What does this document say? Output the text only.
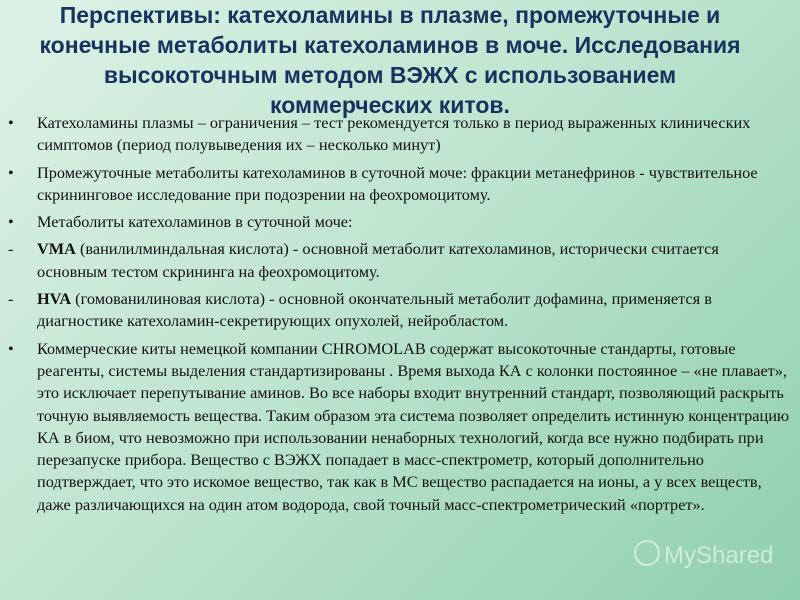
Перспективы: катехоламины в плазме, промежуточные и конечные метаболиты катехоламинов в моче. Исследования высокоточным методом ВЭЖХ с использованием коммерческих китов.
• Катехоламины плазмы – ограничения – тест рекомендуется только в период выраженных клинических симптомов (период полувыведения их – несколько минут)
• Промежуточные метаболиты катехоламинов в суточной моче: фракции метанефринов - чувствительное скрининговое исследование при подозрении на феохромоцитому.
• Метаболиты катехоламинов в суточной моче:
- VMA (ванилилминдальная кислота) - основной метаболит катехоламинов, исторически считается основным тестом скрининга на феохромоцитому.
- HVA (гомованилиновая кислота) - основной окончательный метаболит дофамина, применяется в диагностике катехоламин-секретирующих опухолей, нейробластом.
• Коммерческие киты немецкой компании CHROMOLAB содержат высокоточные стандарты, готовые реагенты, системы выделения стандартизированы . Время выхода КА с колонки постоянное – «не плавает», это исключает перепутывание аминов. Во все наборы входит внутренний стандарт, позволяющий раскрыть точную выявляемость вещества. Таким образом эта система позволяет определить истинную концентрацию КА в биом, что невозможно при использовании ненаборных технологий, когда все нужно подбирать при перезапуске прибора. Вещество с ВЭЖХ попадает в масс-спектрометр, который дополнительно подтверждает, что это искомое вещество, так как в МС вещество распадается на ионы, а у всех веществ, даже различающихся на один атом водорода, свой точный масс-спектрометрический «портрет».
MyShared
